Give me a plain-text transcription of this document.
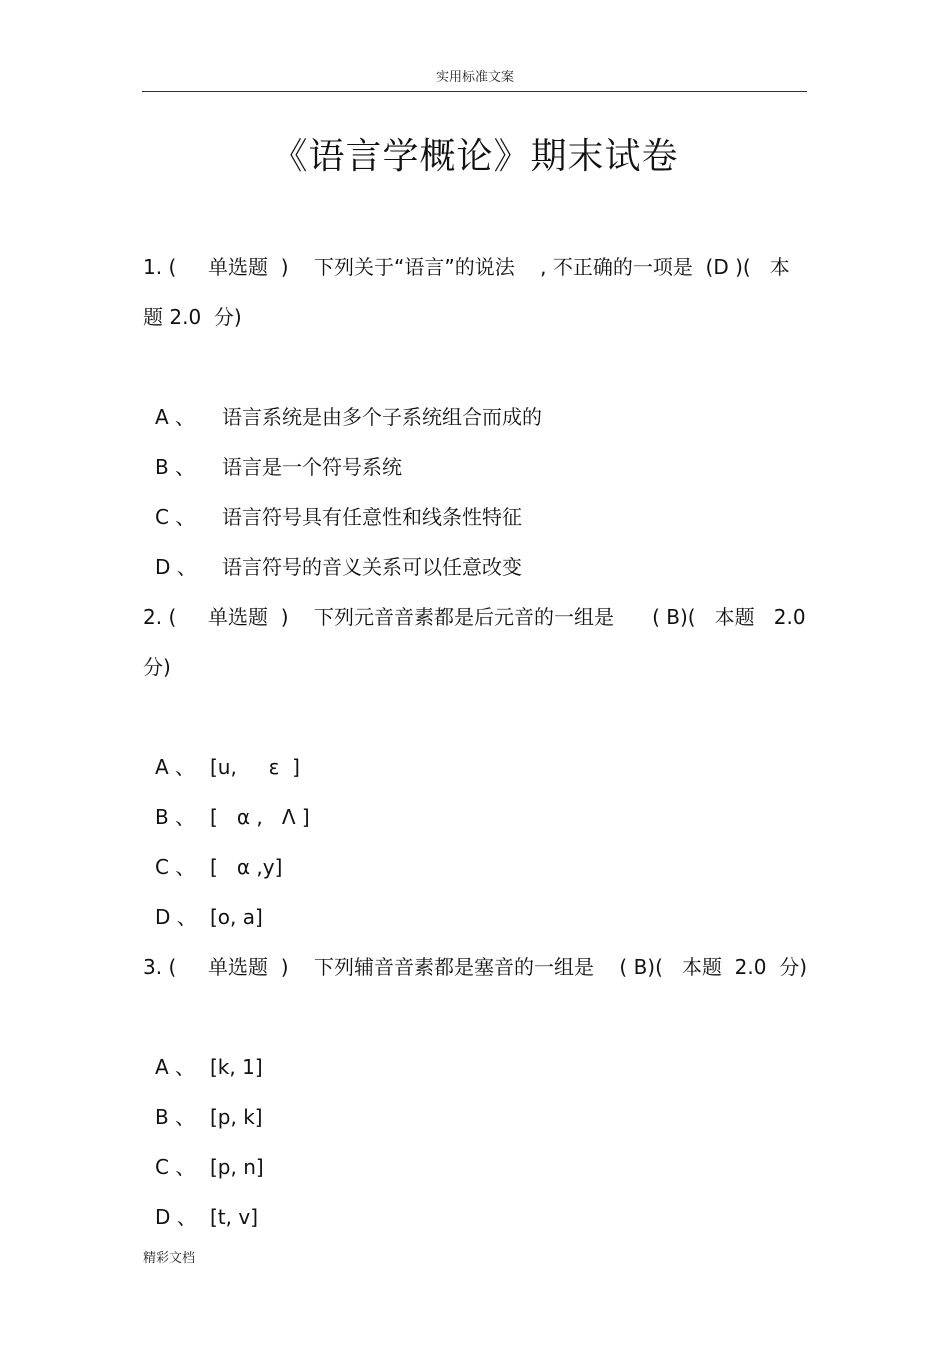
实用标准文案
《语言学概论》期末试卷
1. (     单选题  )    下列关于“语言”的说法    , 不正确的一项是  (D )(   本
题 2.0  分)
A 、 语言系统是由多个子系统组合而成的
B 、 语言是一个符号系统
C 、 语言符号具有任意性和线条性特征
D 、 语言符号的音义关系可以任意改变
2. (     单选题  )    下列元音音素都是后元音的一组是      ( B)(   本题   2.0
分)
A 、 [u,     ε  ]
B 、 [   α ,   Λ ]
C 、 [   α ,y]
D 、 [o, a]
3. (     单选题  )    下列辅音音素都是塞音的一组是    ( B)(   本题  2.0  分)
A 、 [k, 1]
B 、 [p, k]
C 、 [p, n]
D 、 [t, v]
精彩文档
